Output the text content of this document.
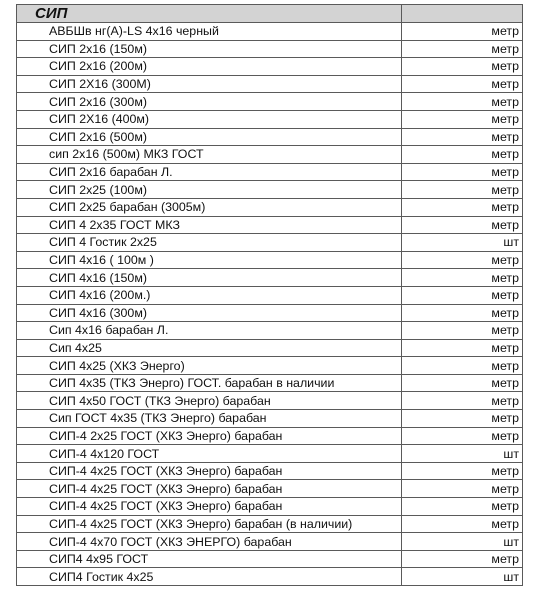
СИП	
АВБШв нг(А)-LS 4х16 черный	метр
СИП 2х16 (150м)	метр
СИП 2х16 (200м)	метр
СИП 2Х16 (300М)	метр
СИП 2х16 (300м)	метр
СИП 2Х16 (400м)	метр
СИП 2х16 (500м)	метр
сип 2х16 (500м) МКЗ ГОСТ	метр
СИП 2х16 барабан Л.	метр
СИП 2х25 (100м)	метр
СИП 2х25 барабан (3005м)	метр
СИП 4 2х35 ГОСТ МКЗ	метр
СИП 4 Гостик 2х25	шт
СИП 4х16 ( 100м )	метр
СИП 4х16 (150м)	метр
СИП 4х16 (200м.)	метр
СИП 4х16 (300м)	метр
Сип 4х16 барабан Л.	метр
Сип 4х25	метр
СИП 4х25 (ХКЗ Энерго)	метр
СИП 4х35 (ТКЗ Энерго) ГОСТ. барабан в наличии	метр
СИП 4х50 ГОСТ (ТКЗ Энерго) барабан	метр
Сип ГОСТ 4х35 (ТКЗ Энерго) барабан	метр
СИП-4 2х25 ГОСТ (ХКЗ Энерго) барабан	метр
СИП-4 4х120 ГОСТ	шт
СИП-4 4х25 ГОСТ (ХКЗ Энерго) барабан	метр
СИП-4 4х25 ГОСТ (ХКЗ Энерго) барабан	метр
СИП-4 4х25 ГОСТ (ХКЗ Энерго) барабан	метр
СИП-4 4х25 ГОСТ (ХКЗ Энерго) барабан (в наличии)	метр
СИП-4 4х70 ГОСТ (ХКЗ ЭНЕРГО) барабан	шт
СИП4 4х95 ГОСТ	метр
СИП4 Гостик 4х25	шт
